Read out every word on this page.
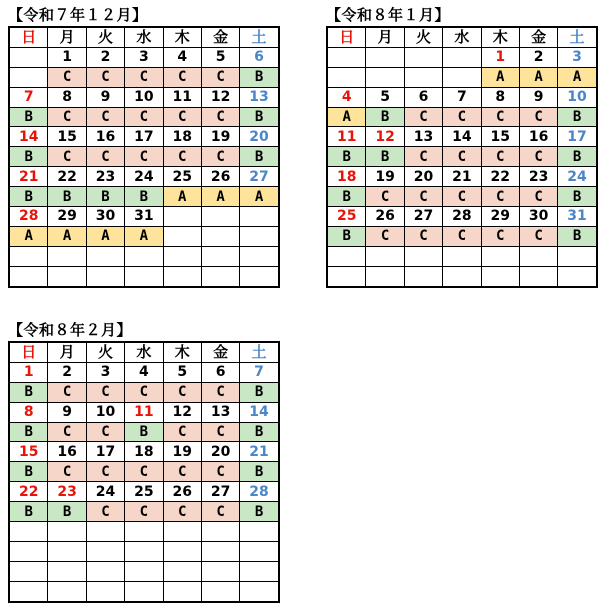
【令和７年１２月】
日	月	火	水	木	金	土
	1	2	3	4	5	6
	C	C	C	C	C	B
7	8	9	10	11	12	13
B	C	C	C	C	C	B
14	15	16	17	18	19	20
B	C	C	C	C	C	B
21	22	23	24	25	26	27
B	B	B	B	A	A	A
28	29	30	31			
A	A	A	A			

【令和８年１月】
日	月	火	水	木	金	土
				1	2	3
				A	A	A
4	5	6	7	8	9	10
A	B	C	C	C	C	B
11	12	13	14	15	16	17
B	B	C	C	C	C	B
18	19	20	21	22	23	24
B	C	C	C	C	C	B
25	26	27	28	29	30	31
B	C	C	C	C	C	B

【令和８年２月】
日	月	火	水	木	金	土
1	2	3	4	5	6	7
B	C	C	C	C	C	B
8	9	10	11	12	13	14
B	C	C	B	C	C	B
15	16	17	18	19	20	21
B	C	C	C	C	C	B
22	23	24	25	26	27	28
B	B	C	C	C	C	B
